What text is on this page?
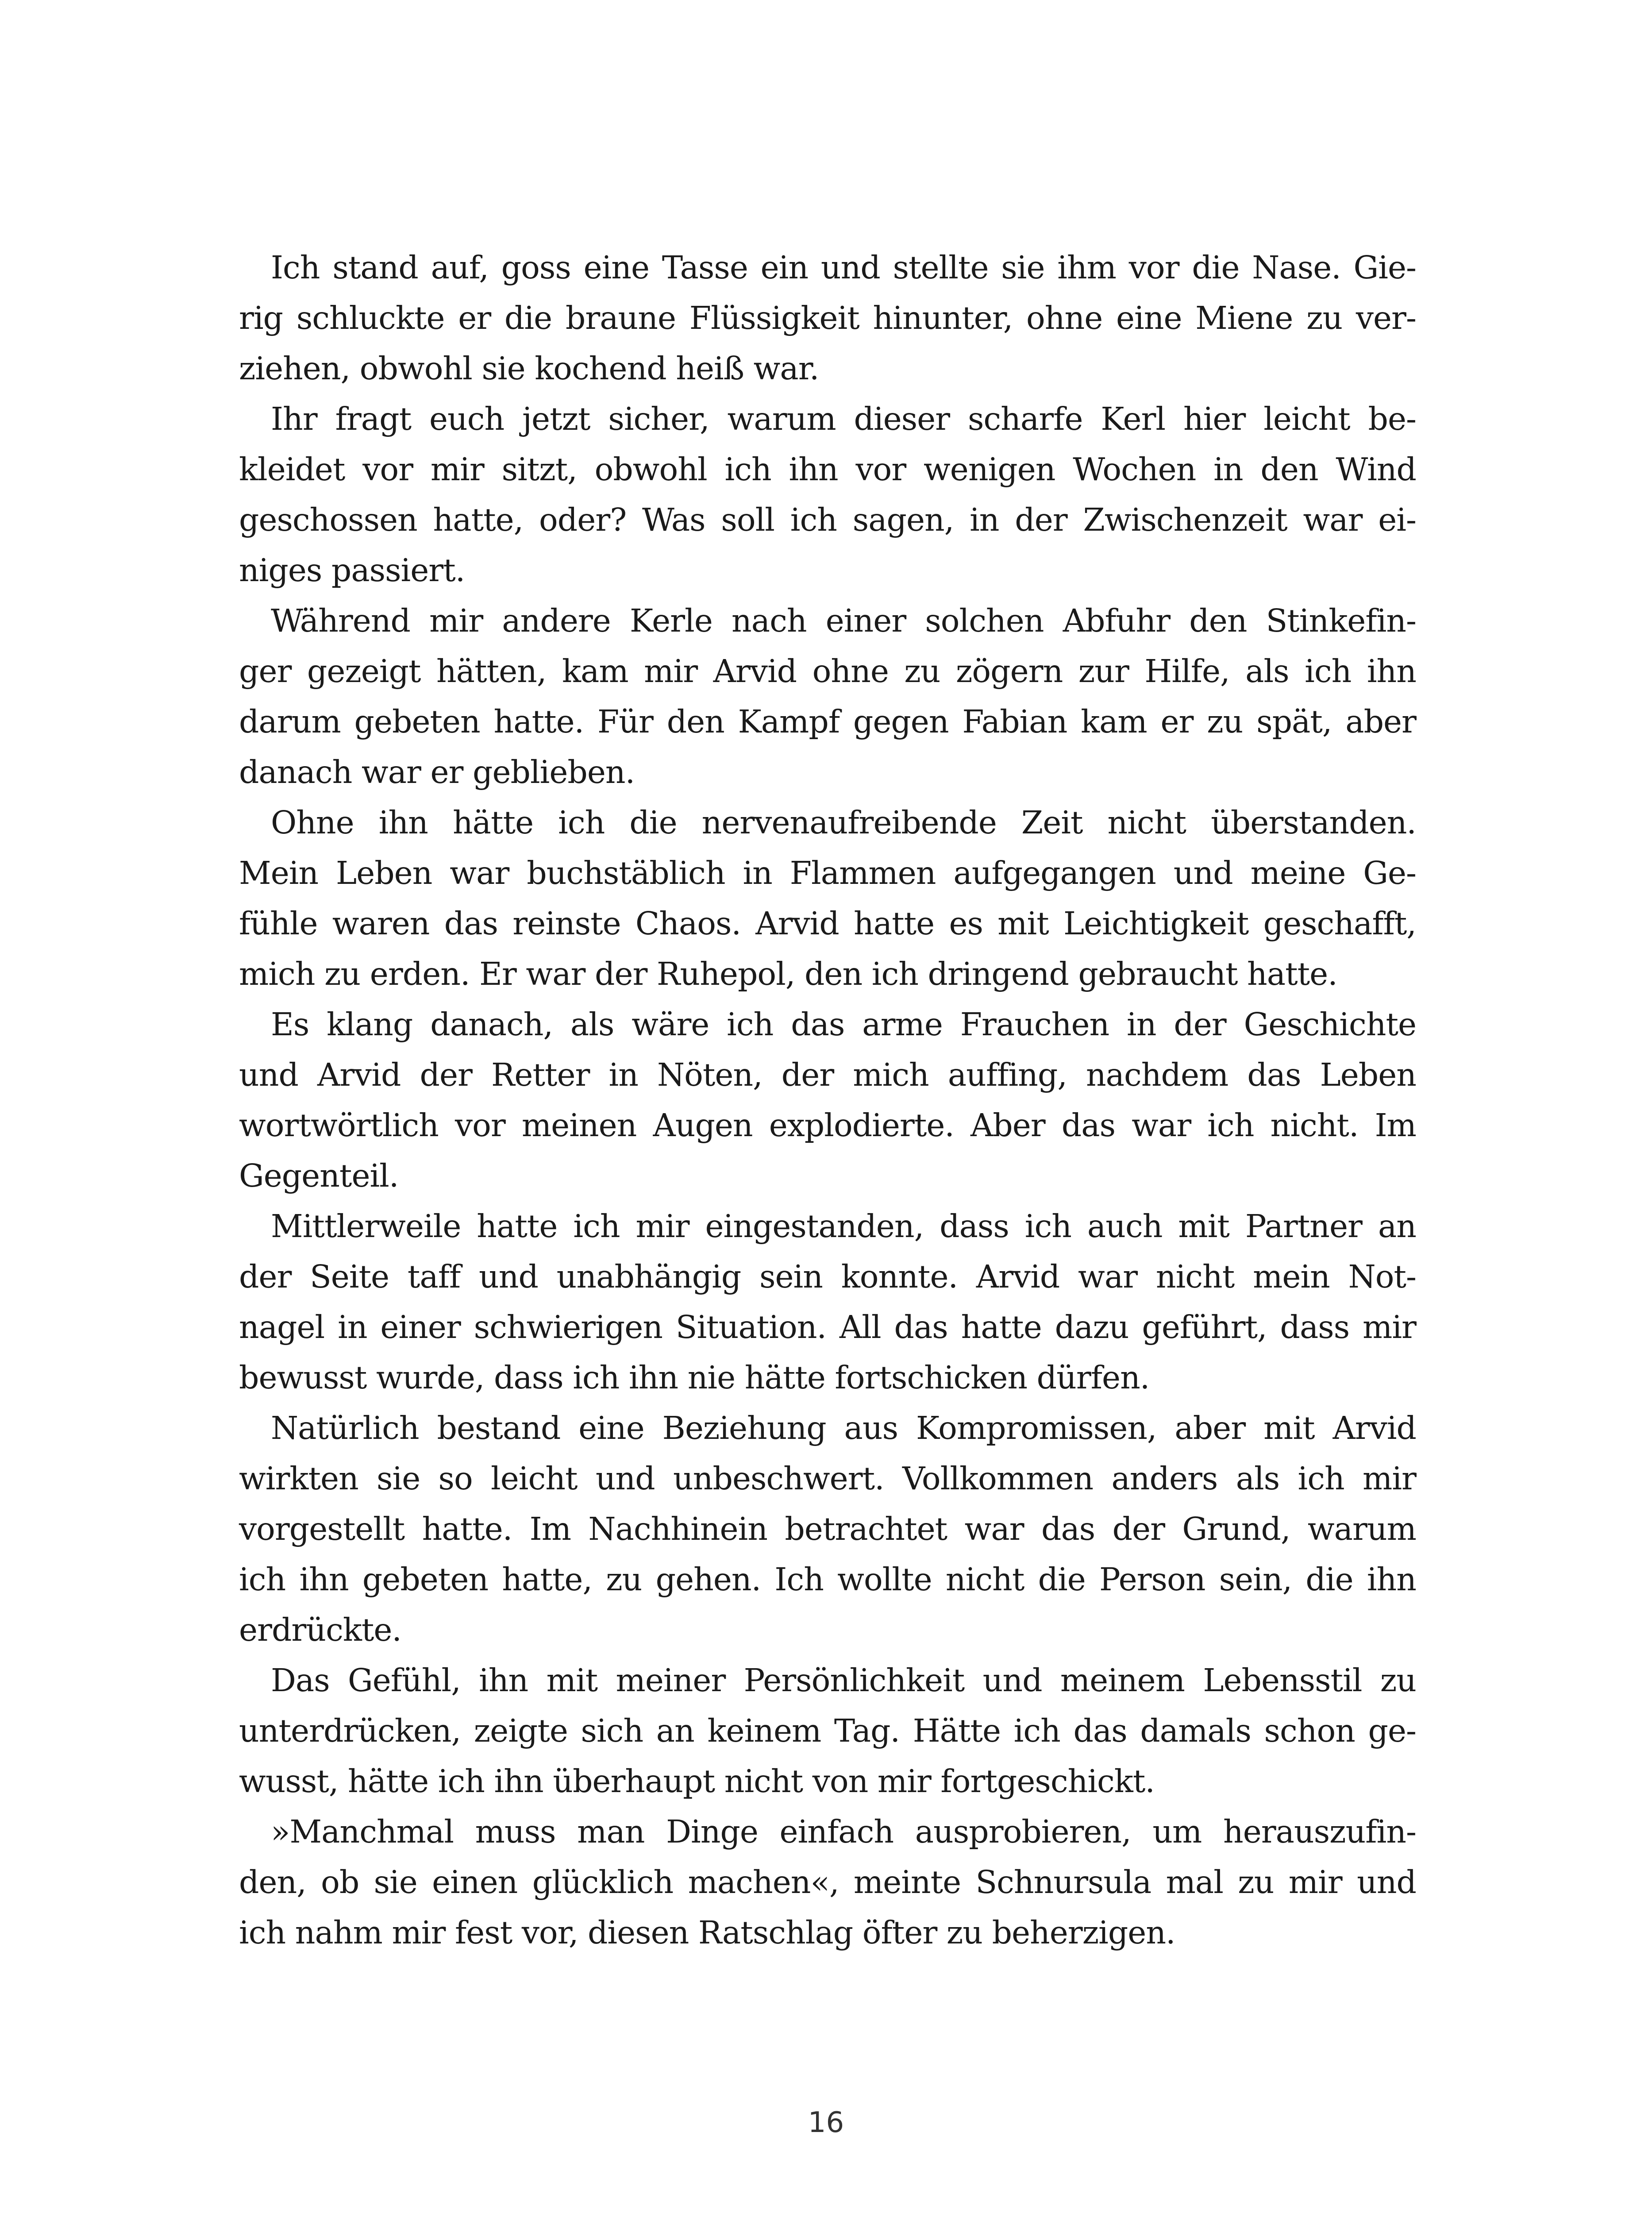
Ich stand auf, goss eine Tasse ein und stellte sie ihm vor die Nase. Gie-
rig schluckte er die braune Flüssigkeit hinunter, ohne eine Miene zu ver-
ziehen, obwohl sie kochend heiß war.
Ihr fragt euch jetzt sicher, warum dieser scharfe Kerl hier leicht be-
kleidet vor mir sitzt, obwohl ich ihn vor wenigen Wochen in den Wind
geschossen hatte, oder? Was soll ich sagen, in der Zwischenzeit war ei-
niges passiert.
Während mir andere Kerle nach einer solchen Abfuhr den Stinkefin-
ger gezeigt hätten, kam mir Arvid ohne zu zögern zur Hilfe, als ich ihn
darum gebeten hatte. Für den Kampf gegen Fabian kam er zu spät, aber
danach war er geblieben.
Ohne ihn hätte ich die nervenaufreibende Zeit nicht überstanden.
Mein Leben war buchstäblich in Flammen aufgegangen und meine Ge-
fühle waren das reinste Chaos. Arvid hatte es mit Leichtigkeit geschafft,
mich zu erden. Er war der Ruhepol, den ich dringend gebraucht hatte.
Es klang danach, als wäre ich das arme Frauchen in der Geschichte
und Arvid der Retter in Nöten, der mich auffing, nachdem das Leben
wortwörtlich vor meinen Augen explodierte. Aber das war ich nicht. Im
Gegenteil.
Mittlerweile hatte ich mir eingestanden, dass ich auch mit Partner an
der Seite taff und unabhängig sein konnte. Arvid war nicht mein Not-
nagel in einer schwierigen Situation. All das hatte dazu geführt, dass mir
bewusst wurde, dass ich ihn nie hätte fortschicken dürfen.
Natürlich bestand eine Beziehung aus Kompromissen, aber mit Arvid
wirkten sie so leicht und unbeschwert. Vollkommen anders als ich mir
vorgestellt hatte. Im Nachhinein betrachtet war das der Grund, warum
ich ihn gebeten hatte, zu gehen. Ich wollte nicht die Person sein, die ihn
erdrückte.
Das Gefühl, ihn mit meiner Persönlichkeit und meinem Lebensstil zu
unterdrücken, zeigte sich an keinem Tag. Hätte ich das damals schon ge-
wusst, hätte ich ihn überhaupt nicht von mir fortgeschickt.
»Manchmal muss man Dinge einfach ausprobieren, um herauszufin-
den, ob sie einen glücklich machen«, meinte Schnursula mal zu mir und
ich nahm mir fest vor, diesen Ratschlag öfter zu beherzigen.
16
